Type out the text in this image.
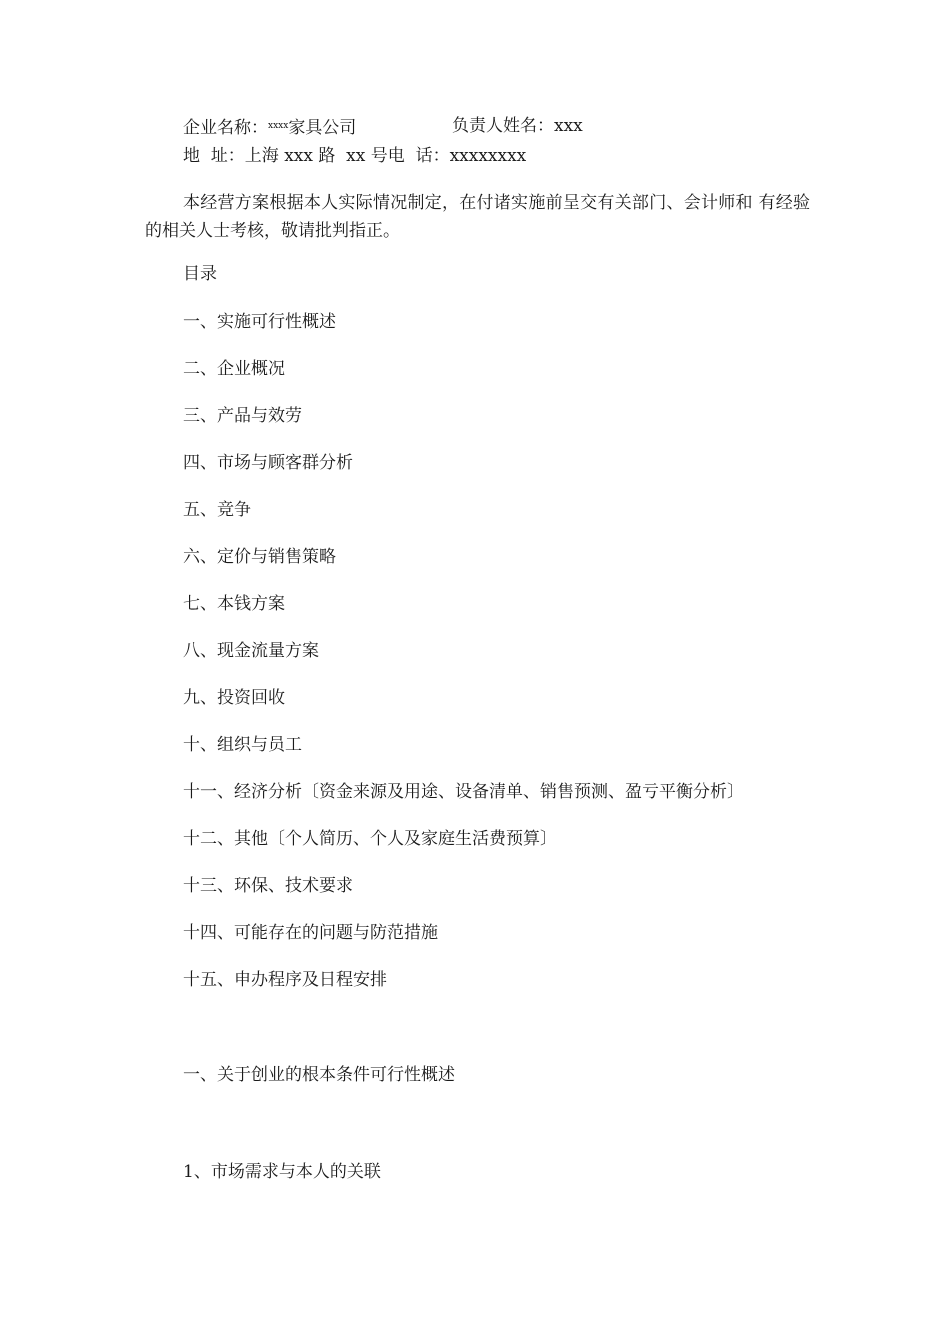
企业名称：$^{xxxx}$家具公司	负责人姓名：xxx
地  址：上海 xxx 路  xx 号电  话：xxxxxxxx
本经营方案根据本人实际情况制定，在付诸实施前呈交有关部门、会计师和 有经验的相关人士考核，敬请批判指正。
目录
一、实施可行性概述
二、企业概况
三、产品与效劳
四、市场与顾客群分析
五、竞争
六、定价与销售策略
七、本钱方案
八、现金流量方案
九、投资回收
十、组织与员工
十一、经济分析〔资金来源及用途、设备清单、销售预测、盈亏平衡分析〕
十二、其他〔个人简历、个人及家庭生活费预算〕
十三、环保、技术要求
十四、可能存在的问题与防范措施
十五、申办程序及日程安排
一、关于创业的根本条件可行性概述
1、市场需求与本人的关联
